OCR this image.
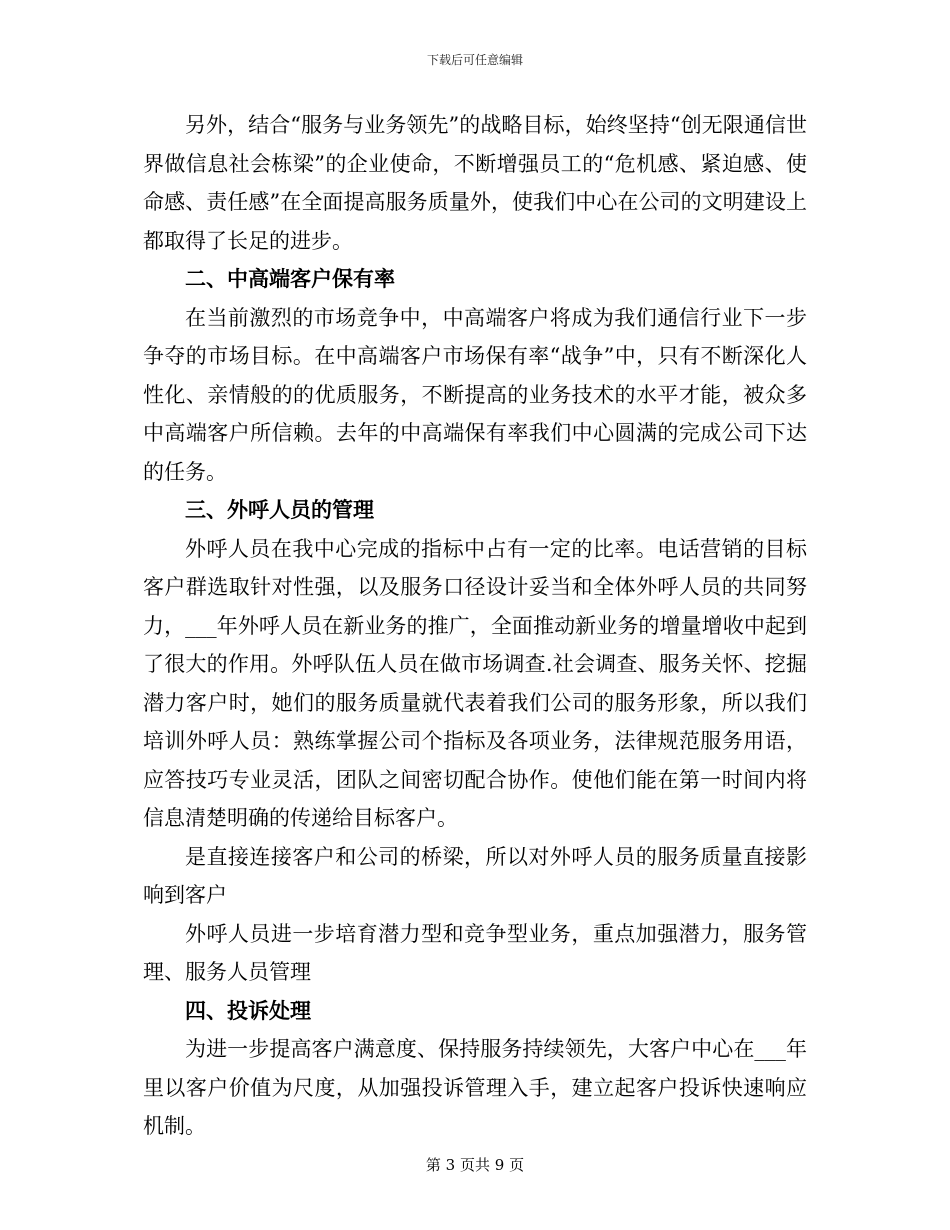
下载后可任意编辑

另外，结合“服务与业务领先”的战略目标，始终坚持“创无限通信世界做信息社会栋梁”的企业使命，不断增强员工的“危机感、紧迫感、使命感、责任感”在全面提高服务质量外，使我们中心在公司的文明建设上都取得了长足的进步。

二、中高端客户保有率

在当前激烈的市场竞争中，中高端客户将成为我们通信行业下一步争夺的市场目标。在中高端客户市场保有率“战争”中，只有不断深化人性化、亲情般的的优质服务，不断提高的业务技术的水平才能，被众多中高端客户所信赖。去年的中高端保有率我们中心圆满的完成公司下达的任务。

三、外呼人员的管理

外呼人员在我中心完成的指标中占有一定的比率。电话营销的目标客户群选取针对性强，以及服务口径设计妥当和全体外呼人员的共同努力，___年外呼人员在新业务的推广，全面推动新业务的增量增收中起到了很大的作用。外呼队伍人员在做市场调查.社会调查、服务关怀、挖掘潜力客户时，她们的服务质量就代表着我们公司的服务形象，所以我们培训外呼人员：熟练掌握公司个指标及各项业务，法律规范服务用语，应答技巧专业灵活，团队之间密切配合协作。使他们能在第一时间内将信息清楚明确的传递给目标客户。

是直接连接客户和公司的桥梁，所以对外呼人员的服务质量直接影响到客户

外呼人员进一步培育潜力型和竞争型业务，重点加强潜力，服务管理、服务人员管理

四、投诉处理

为进一步提高客户满意度、保持服务持续领先，大客户中心在___年里以客户价值为尺度，从加强投诉管理入手，建立起客户投诉快速响应机制。

第 3 页共 9 页
